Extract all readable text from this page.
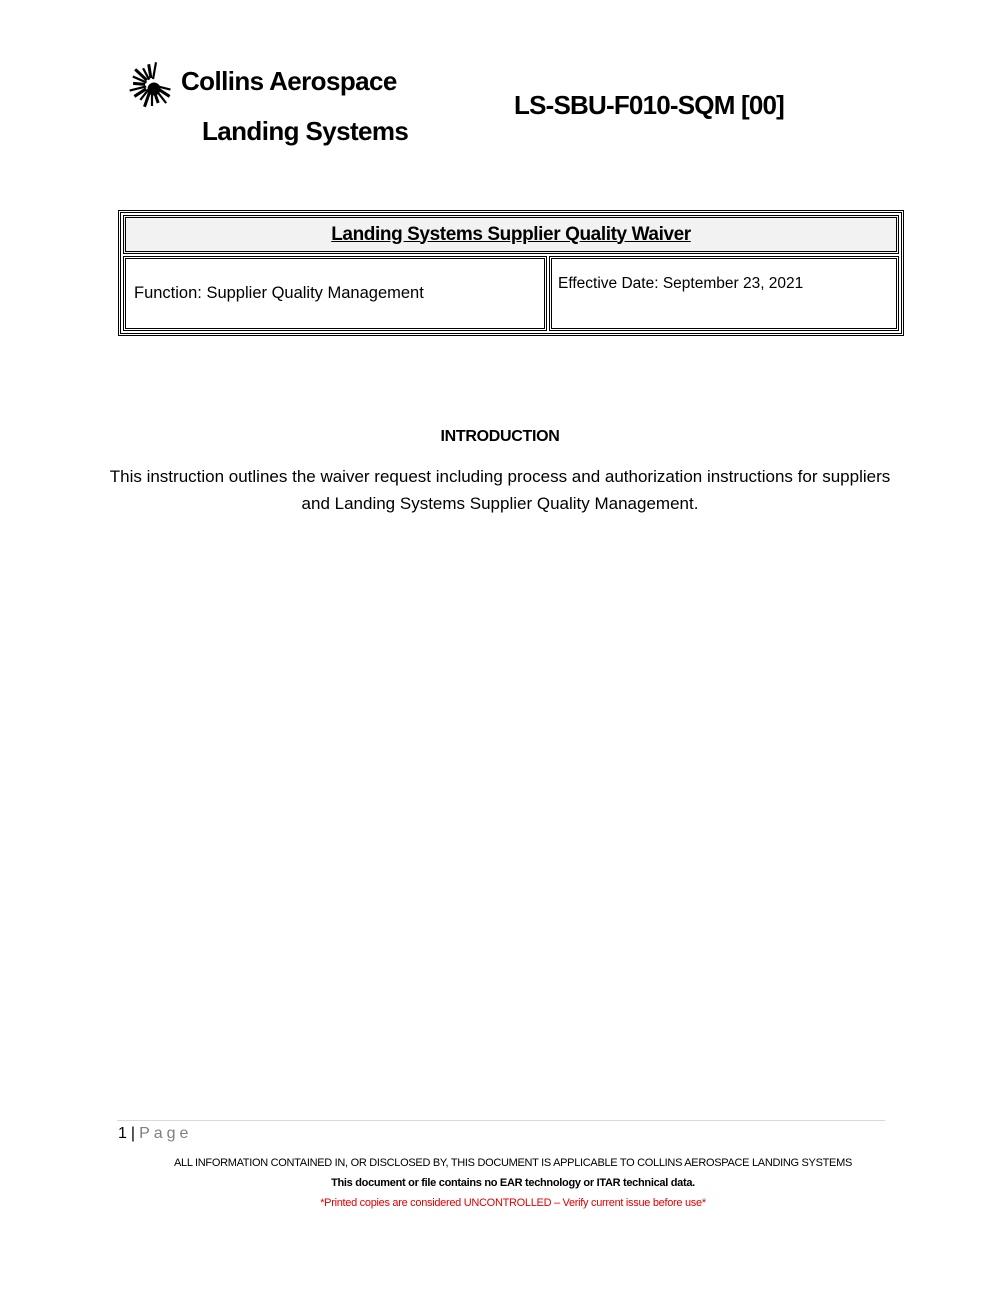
Collins Aerospace
Landing Systems
LS-SBU-F010-SQM [00]
Landing Systems Supplier Quality Waiver
Function: Supplier Quality Management	Effective Date: September 23, 2021
INTRODUCTION
This instruction outlines the waiver request including process and authorization instructions for suppliers and Landing Systems Supplier Quality Management.
1 | Page
ALL INFORMATION CONTAINED IN, OR DISCLOSED BY, THIS DOCUMENT IS APPLICABLE TO COLLINS AEROSPACE LANDING SYSTEMS
This document or file contains no EAR technology or ITAR technical data.
*Printed copies are considered UNCONTROLLED – Verify current issue before use*
